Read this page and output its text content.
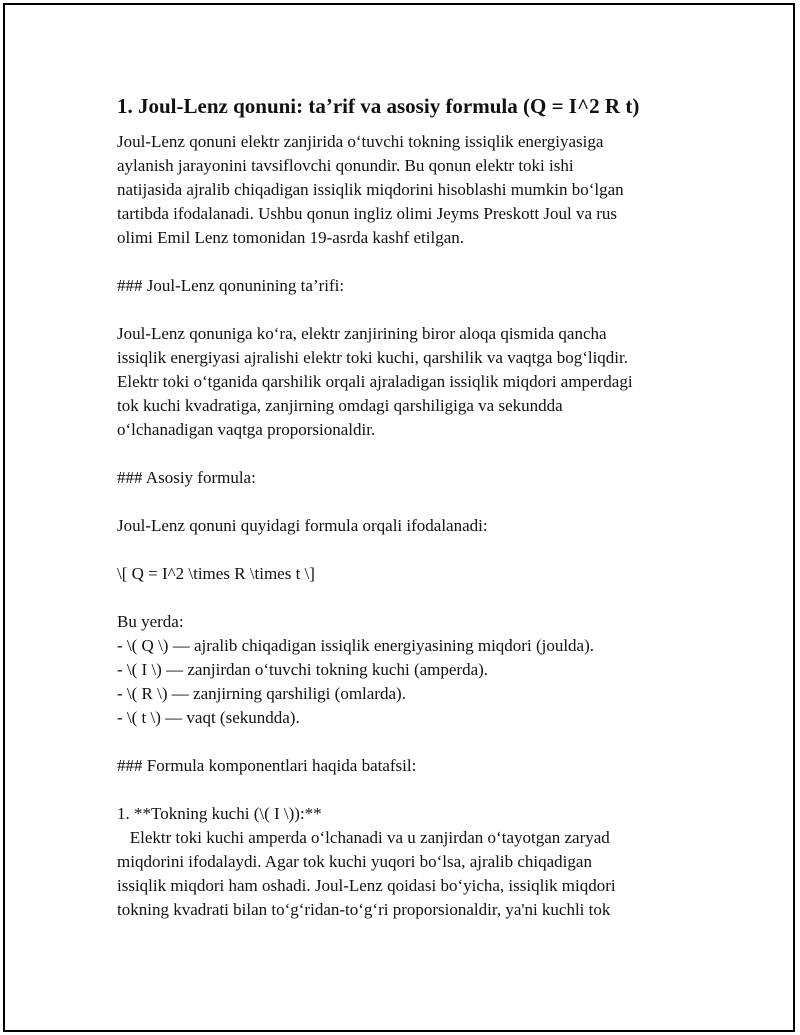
1. Joul-Lenz qonuni: ta’rif va asosiy formula (Q = I^2 R t)
Joul-Lenz qonuni elektr zanjirida o‘tuvchi tokning issiqlik energiyasiga
aylanish jarayonini tavsiflovchi qonundir. Bu qonun elektr toki ishi
natijasida ajralib chiqadigan issiqlik miqdorini hisoblashi mumkin bo‘lgan
tartibda ifodalanadi. Ushbu qonun ingliz olimi Jeyms Preskott Joul va rus
olimi Emil Lenz tomonidan 19-asrda kashf etilgan.
### Joul-Lenz qonunining ta’rifi:
Joul-Lenz qonuniga ko‘ra, elektr zanjirining biror aloqa qismida qancha
issiqlik energiyasi ajralishi elektr toki kuchi, qarshilik va vaqtga bog‘liqdir.
Elektr toki o‘tganida qarshilik orqali ajraladigan issiqlik miqdori amperdagi
tok kuchi kvadratiga, zanjirning omdagi qarshiligiga va sekundda
o‘lchanadigan vaqtga proporsionaldir.
### Asosiy formula:
Joul-Lenz qonuni quyidagi formula orqali ifodalanadi:
\[ Q = I^2 \times R \times t \]
Bu yerda:
- \( Q \) — ajralib chiqadigan issiqlik energiyasining miqdori (joulda).
- \( I \) — zanjirdan o‘tuvchi tokning kuchi (amperda).
- \( R \) — zanjirning qarshiligi (omlarda).
- \( t \) — vaqt (sekundda).
### Formula komponentlari haqida batafsil:
1. **Tokning kuchi (\( I \)):**
Elektr toki kuchi amperda o‘lchanadi va u zanjirdan o‘tayotgan zaryad
miqdorini ifodalaydi. Agar tok kuchi yuqori bo‘lsa, ajralib chiqadigan
issiqlik miqdori ham oshadi. Joul-Lenz qoidasi bo‘yicha, issiqlik miqdori
tokning kvadrati bilan to‘g‘ridan-to‘g‘ri proporsionaldir, ya'ni kuchli tok
